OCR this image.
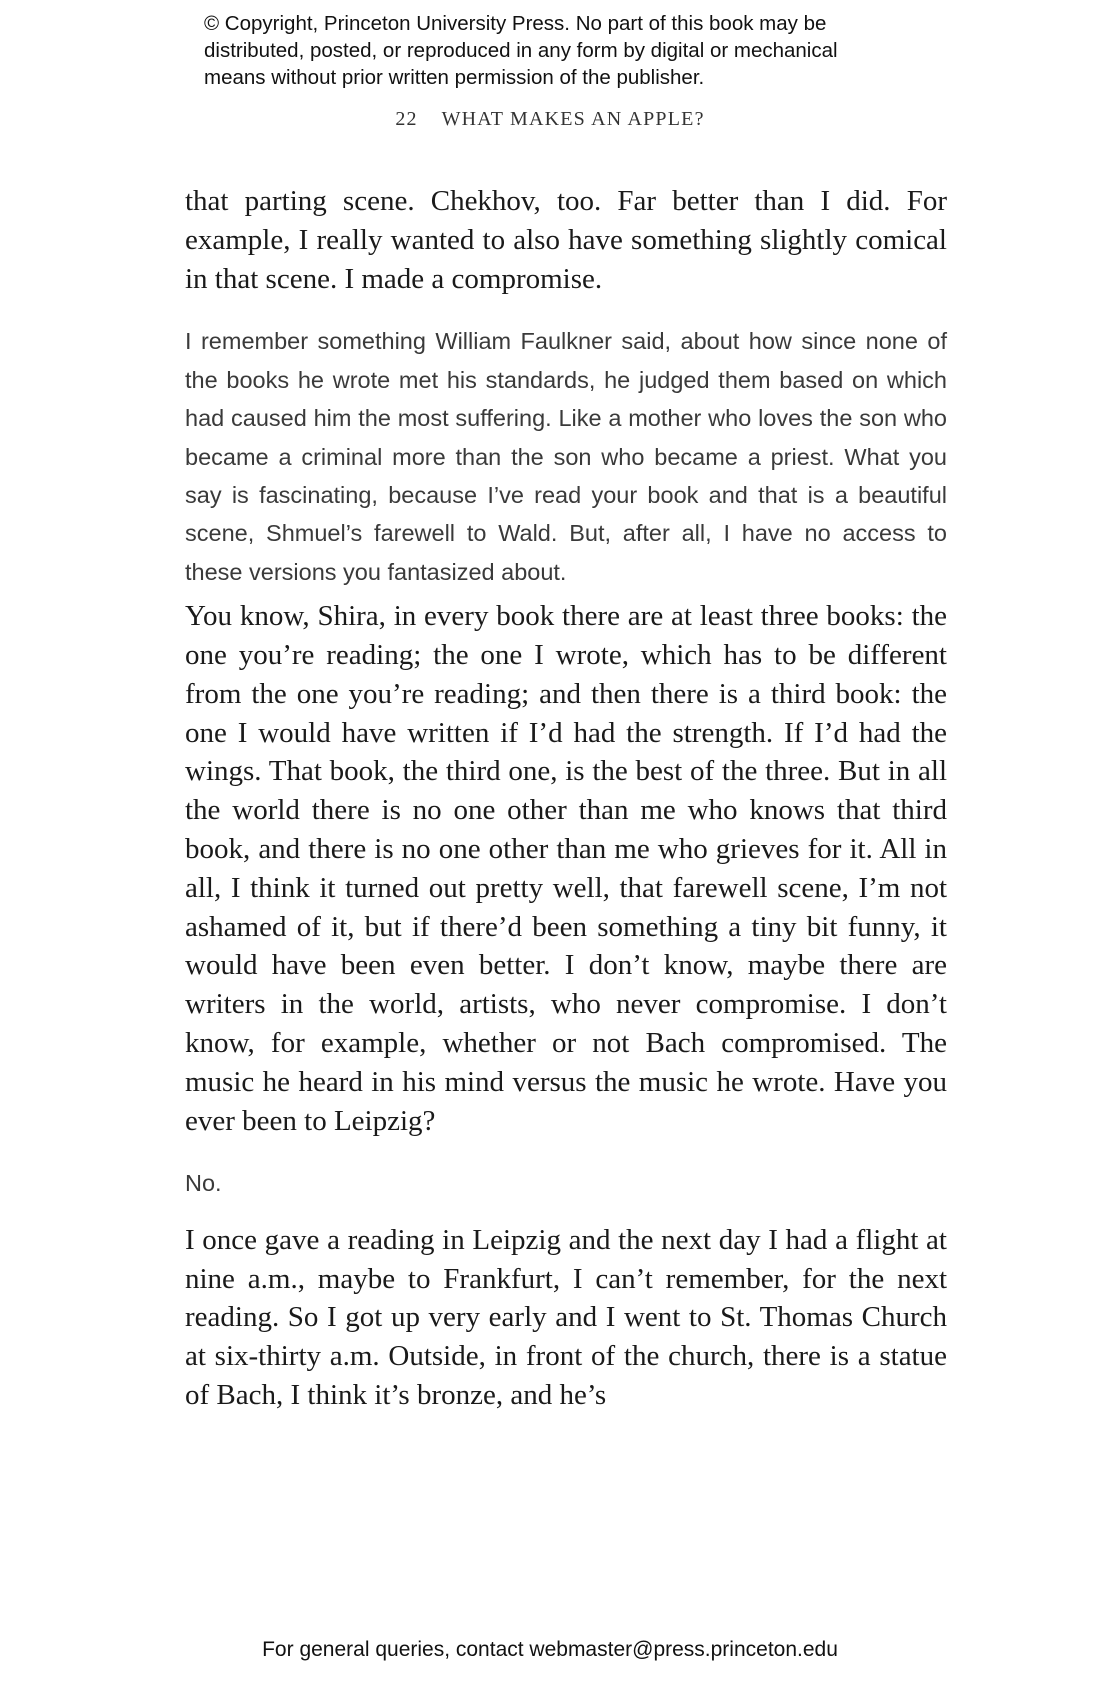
© Copyright, Princeton University Press. No part of this book may be
distributed, posted, or reproduced in any form by digital or mechanical
means without prior written permission of the publisher.
22 WHAT MAKES AN APPLE?

that parting scene. Chekhov, too. Far better than I did. For example, I really wanted to also have something slightly comical in that scene. I made a compromise.

I remember something William Faulkner said, about how since none of the books he wrote met his standards, he judged them based on which had caused him the most suffering. Like a mother who loves the son who became a criminal more than the son who became a priest. What you say is fascinating, because I’ve read your book and that is a beautiful scene, Shmuel’s farewell to Wald. But, after all, I have no access to these versions you fantasized about.

You know, Shira, in every book there are at least three books: the one you’re reading; the one I wrote, which has to be different from the one you’re reading; and then there is a third book: the one I would have written if I’d had the strength. If I’d had the wings. That book, the third one, is the best of the three. But in all the world there is no one other than me who knows that third book, and there is no one other than me who grieves for it. All in all, I think it turned out pretty well, that farewell scene, I’m not ashamed of it, but if there’d been something a tiny bit funny, it would have been even better. I don’t know, maybe there are writers in the world, artists, who never compromise. I don’t know, for example, whether or not Bach compromised. The music he heard in his mind versus the music he wrote. Have you ever been to Leipzig?

No.

I once gave a reading in Leipzig and the next day I had a flight at nine a.m., maybe to Frankfurt, I can’t remember, for the next reading. So I got up very early and I went to St. Thomas Church at six-thirty a.m. Outside, in front of the church, there is a statue of Bach, I think it’s bronze, and he’s

For general queries, contact webmaster@press.princeton.edu
